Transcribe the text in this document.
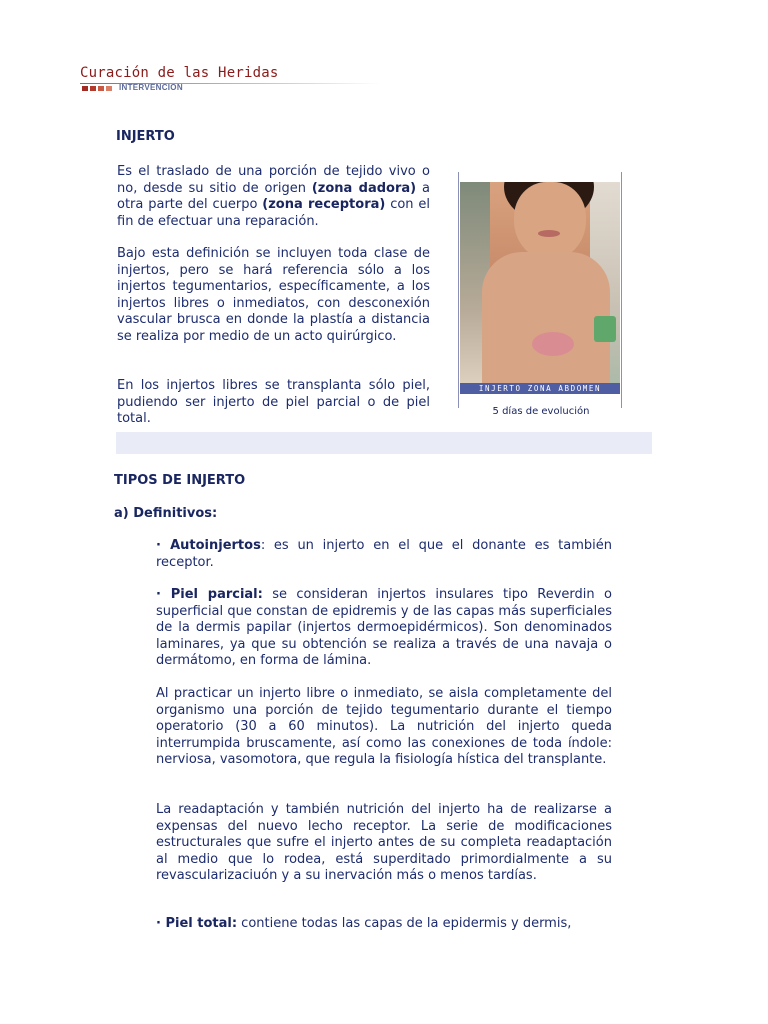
Curación de las Heridas
INTERVENCION
INJERTO

Es el traslado de una porción de tejido vivo o no, desde su sitio de origen (zona dadora) a otra parte del cuerpo (zona receptora) con el fin de efectuar una reparación.

Bajo esta definición se incluyen toda clase de injertos, pero se hará referencia sólo a los injertos tegumentarios, específicamente, a los injertos libres o inmediatos, con desconexión vascular brusca en donde la plastía a distancia se realiza por medio de un acto quirúrgico.

En los injertos libres se transplanta sólo piel, pudiendo ser injerto de piel parcial o de piel total.

INJERTO ZONA ABDOMEN
5 días de evolución
TIPOS DE INJERTO
a) Definitivos:

· Autoinjertos: es un injerto en el que el donante es también receptor.

· Piel parcial: se consideran injertos insulares tipo Reverdin o superficial que constan de epidremis y de las capas más superficiales de la dermis papilar (injertos dermoepidérmicos). Son denominados laminares, ya que su obtención se realiza a través de una navaja o dermátomo, en forma de lámina.

Al practicar un injerto libre o inmediato, se aisla completamente del organismo una porción de tejido tegumentario durante el tiempo operatorio (30 a 60 minutos). La nutrición del injerto queda interrumpida bruscamente, así como las conexiones de toda índole: nerviosa, vasomotora, que regula la fisiología hística del transplante.

La readaptación y también nutrición del injerto ha de realizarse a expensas del nuevo lecho receptor. La serie de modificaciones estructurales que sufre el injerto antes de su completa readaptación al medio que lo rodea, está superditado primordialmente a su revascularizaciuón y a su inervación más o menos tardías.

· Piel total: contiene todas las capas de la epidermis y dermis,
